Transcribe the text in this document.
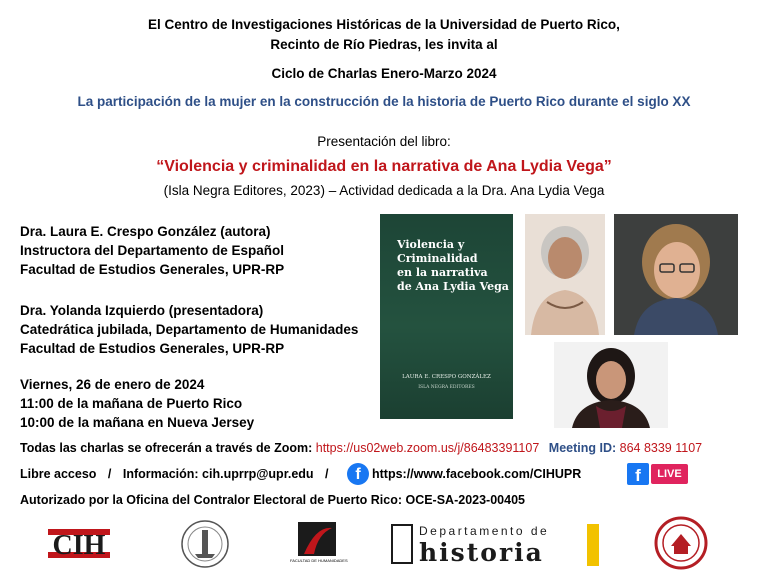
El Centro de Investigaciones Históricas de la Universidad de Puerto Rico,
Recinto de Río Piedras, les invita al
Ciclo de Charlas Enero-Marzo 2024
La participación de la mujer en la construcción de la historia de Puerto Rico durante el siglo XX
Presentación del libro:
“Violencia y criminalidad en la narrativa de Ana Lydia Vega”
(Isla Negra Editores, 2023) – Actividad dedicada a la Dra. Ana Lydia Vega
Dra. Laura E. Crespo González (autora)
Instructora del Departamento de Español
Facultad de Estudios Generales, UPR-RP
Dra. Yolanda Izquierdo (presentadora)
Catedrática jubilada, Departamento de Humanidades
Facultad de Estudios Generales, UPR-RP
Viernes, 26 de enero de 2024
11:00 de la mañana de Puerto Rico
10:00 de la mañana en Nueva Jersey
Violencia y
Criminalidad
en la narrativa
de Ana Lydia Vega
LAURA E. CRESPO GONZÁLEZ
ISLA NEGRA EDITORES
Todas las charlas se ofrecerán a través de Zoom: https://us02web.zoom.us/j/86483391107 Meeting ID: 864 8339 1107
Libre acceso / Información: cih.uprrp@upr.edu /	f https://www.facebook.com/CIHUPR	f	LIVE
Autorizado por la Oficina del Contralor Electoral de Puerto Rico: OCE-SA-2023-00405
CIH	FACULTAD DE HUMANIDADES
Departamento de
historia
